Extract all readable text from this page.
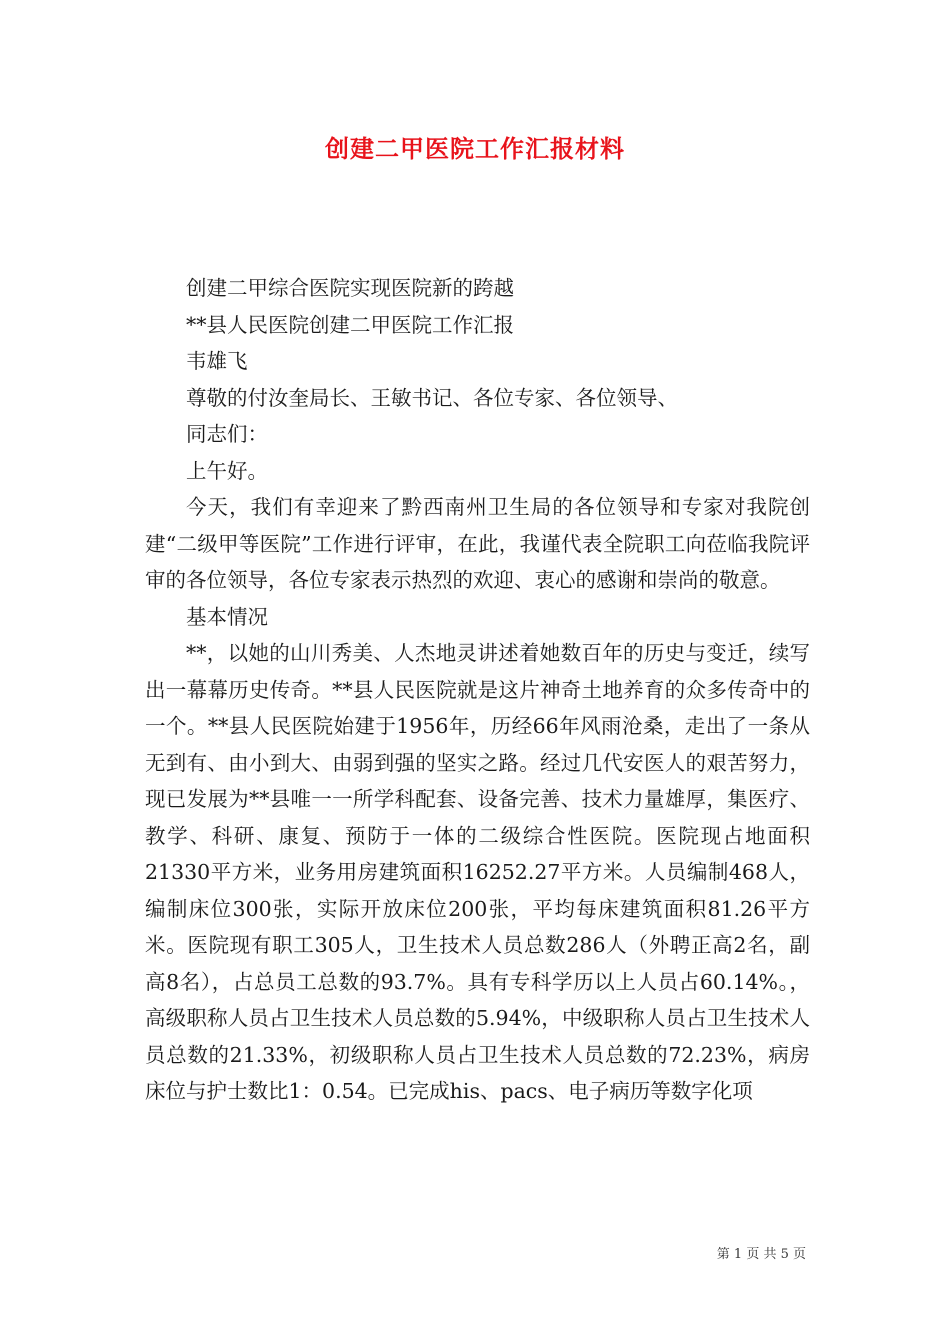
创建二甲医院工作汇报材料

创建二甲综合医院实现医院新的跨越

**县人民医院创建二甲医院工作汇报

韦雄飞

尊敬的付汝奎局长、王敏书记、各位专家、各位领导、

同志们：

上午好。

今天，我们有幸迎来了黔西南州卫生局的各位领导和专家对我院创建“二级甲等医院”工作进行评审，在此，我谨代表全院职工向莅临我院评审的各位领导，各位专家表示热烈的欢迎、衷心的感谢和崇尚的敬意。

基本情况

**，以她的山川秀美、人杰地灵讲述着她数百年的历史与变迁，续写出一幕幕历史传奇。**县人民医院就是这片神奇土地养育的众多传奇中的一个。**县人民医院始建于1956年，历经66年风雨沧桑，走出了一条从无到有、由小到大、由弱到强的坚实之路。经过几代安医人的艰苦努力，现已发展为**县唯一一所学科配套、设备完善、技术力量雄厚，集医疗、教学、科研、康复、预防于一体的二级综合性医院。医院现占地面积21330平方米，业务用房建筑面积16252.27平方米。人员编制468人，编制床位300张，实际开放床位200张，平均每床建筑面积81.26平方米。医院现有职工305人，卫生技术人员总数286人（外聘正高2名，副高8名），占总员工总数的93.7%。具有专科学历以上人员占60.14%。，高级职称人员占卫生技术人员总数的5.94%，中级职称人员占卫生技术人员总数的21.33%，初级职称人员占卫生技术人员总数的72.23%，病房床位与护士数比1：0.54。已完成his、pacs、电子病历等数字化项

第 1 页 共 5 页
